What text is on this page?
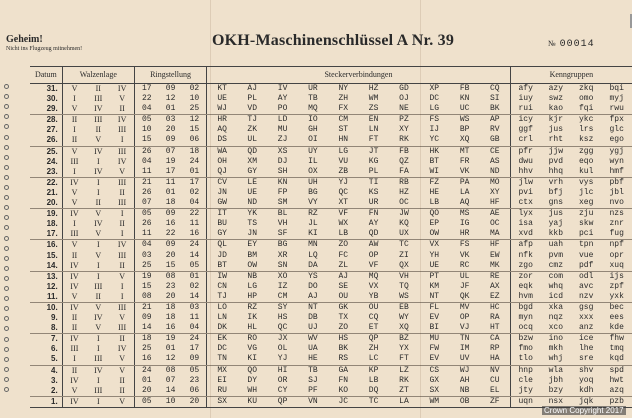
Geheim!
Nicht ins Flugzeug mitnehmen!	OKH-Maschinenschlüssel A Nr. 39	№ 00014
Datum	Walzenlage			Ringstellung			Steckerverbindungen										Kenngruppen			
31.	V	II	IV	17	09	02	KT	AJ	IV	UR	NY	HZ	GD	XP	FB	CQ	afy	azy	zkq	bqi
30.	I	III	V	22	12	10	UE	PL	AY	TB	ZH	WM	OJ	DC	KN	SI	iuy	swz	omo	myj
29.	V	IV	II	04	01	25	WJ	VD	PO	MQ	FX	ZS	NE	LG	UC	BK	rui	kao	fqi	rwu
28.	II	III	IV	05	03	12	HR	TJ	LD	IO	CM	EN	PZ	FS	WS	AP	icy	kjr	ykc	fpx
27.	I	II	III	10	20	15	AQ	ZK	MU	GH	ST	LN	XY	IJ	BP	RV	ggf	jus	lrs	glc
26.	II	V	I	15	09	06	DS	UL	ZJ	OI	HN	FT	RK	YC	XQ	GB	crl	rht	ksz	ego
25.	V	IV	III	26	07	18	WA	QD	XS	UY	LG	JT	FB	HK	MT	CE	pfr	jjw	zgg	ygj
24.	III	I	IV	04	19	24	OH	XM	DJ	IL	VU	KG	QZ	BT	FR	AS	dwu	pvd	eqo	wyn
23.	I	IV	V	11	17	01	QJ	GY	SH	OX	ZB	PL	FA	WI	VK	ND	hhv	hhq	kul	hmf
22.	IV	I	III	21	11	17	CV	LE	KN	UH	YJ	TI	RB	FZ	PA	MO	jlw	vrh	vys	pbf
21.	V	I	II	26	01	02	JN	UE	FP	BG	QC	KS	HZ	HE	LA	XY	pvi	bfj	jlc	jbl
20.	V	II	III	07	18	04	GW	ND	SM	VY	XT	UR	OC	LB	AQ	HF	ctx	gns	xeg	nvo
19.	IV	V	I	05	09	22	IT	YK	BL	RZ	VF	FN	JW	QO	MS	AE	lyx	jus	zju	nzs
18.	I	IV	II	26	16	11	BU	TS	VH	JL	WX	AY	KQ	EP	IG	OC	isa	yaj	skw	znr
17.	III	V	I	11	22	16	GY	JN	SF	KI	LB	QD	UX	OW	HR	MA	xvd	kkb	pci	fug
16.	V	I	IV	04	09	24	QL	EY	BG	MN	ZO	AW	TC	VX	FS	HF	afp	uah	tpn	npf
15.	II	V	III	03	20	14	JD	BM	XR	LQ	FC	OP	ZI	YH	VK	EW	nfk	pvm	vue	opr
14.	IV	I	II	25	15	05	BT	OW	SN	DA	ZL	VF	QX	UE	RC	MK	zgo	cmz	pdf	xuq
13.	IV	I	V	19	08	01	IW	NB	XO	YS	AJ	MQ	VH	PT	UL	RE	zor	com	odl	ijs
12.	IV	III	I	15	23	02	CN	LG	IZ	DO	SE	VX	TQ	KM	JF	AX	eqk	whq	avc	zpf
11.	V	II	I	08	20	14	TJ	HP	CM	AJ	OU	YB	WS	NT	QK	EZ	hvm	icd	nzv	yxk
10.	IV	V	III	21	18	03	LO	RZ	SY	NT	GK	OU	EB	FL	MV	HC	bgd	xka	gsg	bec
9.	II	IV	V	09	18	11	LN	IK	HS	DB	TX	CQ	WY	EV	OP	RA	myn	nqz	xxx	ees
8.	II	V	III	14	16	04	DK	HL	QC	UJ	ZO	ET	XQ	BI	VJ	HT	ocq	xco	anz	kde
7.	IV	I	II	18	19	24	EK	RO	JX	WV	HS	QP	BZ	MU	TN	CA	bzw	ino	ice	fhw
6.	III	I	IV	25	01	17	DC	VG	OL	UA	BK	ZH	YX	FW	IM	RP	fmo	mkh	lhe	tmq
5.	I	III	V	16	12	09	TN	KI	YJ	HE	RS	LC	FT	EV	UV	HA	tlo	whj	sre	kqd
4.	II	IV	V	24	08	05	MX	QO	HI	TB	GA	KP	LZ	CS	WJ	NV	hnp	wla	shv	spd
3.	IV	I	II	01	07	23	EI	DY	OR	SJ	FN	LB	RK	GX	AH	CU	cle	jbh	yoq	hwt
2.	V	III	II	20	14	06	RU	WH	CY	PF	KO	DQ	ZT	SX	NB	EL	jty	bzy	kdh	azq
1.	IV	I	V	05	10	20	SX	KU	QP	VN	JC	TC	LA	WM	OB	ZF	uqn	nsx	jqk	pzb
Crown Copyright 2017
